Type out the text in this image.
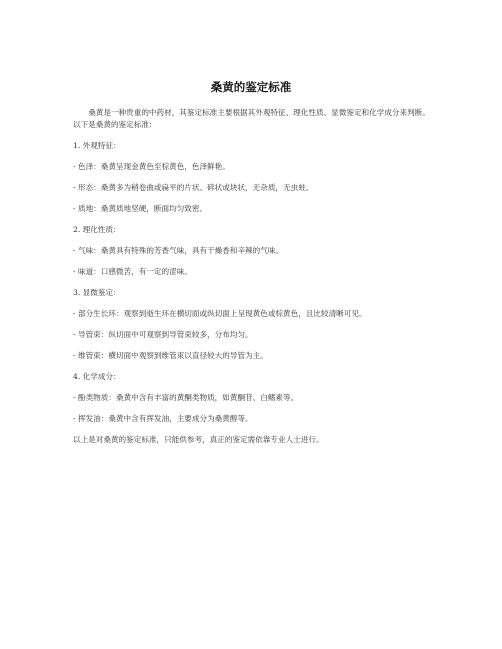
桑黄的鉴定标准

桑黄是一种贵重的中药材，其鉴定标准主要根据其外观特征、理化性质、显微鉴定和化学成分来判断。以下是桑黄的鉴定标准：

1. 外观特征：

- 色泽：桑黄呈现金黄色至棕黄色，色泽鲜艳。

- 形态：桑黄多为稍卷曲或扁平的片状、碎状或块状，无杂质，无虫蛀。

- 质地：桑黄质地坚硬，断面均匀致密。

2. 理化性质：

- 气味：桑黄具有特殊的芳香气味，具有干燥香和辛辣的气味。

- 味道：口感微苦，有一定的涩味。

3. 显微鉴定：

- 部分生长环：观察到逝生环在横切面或纵切面上呈现黄色或棕黄色，且比较清晰可见。

- 导管束：纵切面中可观察到导管束较多，分布均匀。

- 维管束：横切面中观察到维管束以直径较大的导管为主。

4. 化学成分：

- 酚类物质：桑黄中含有丰富的黄酮类物质，如黄酮苷、白鳍素等。

- 挥发油：桑黄中含有挥发油，主要成分为桑黄醇等。

以上是对桑黄的鉴定标准，只能供参考，真正的鉴定需依靠专业人士进行。
